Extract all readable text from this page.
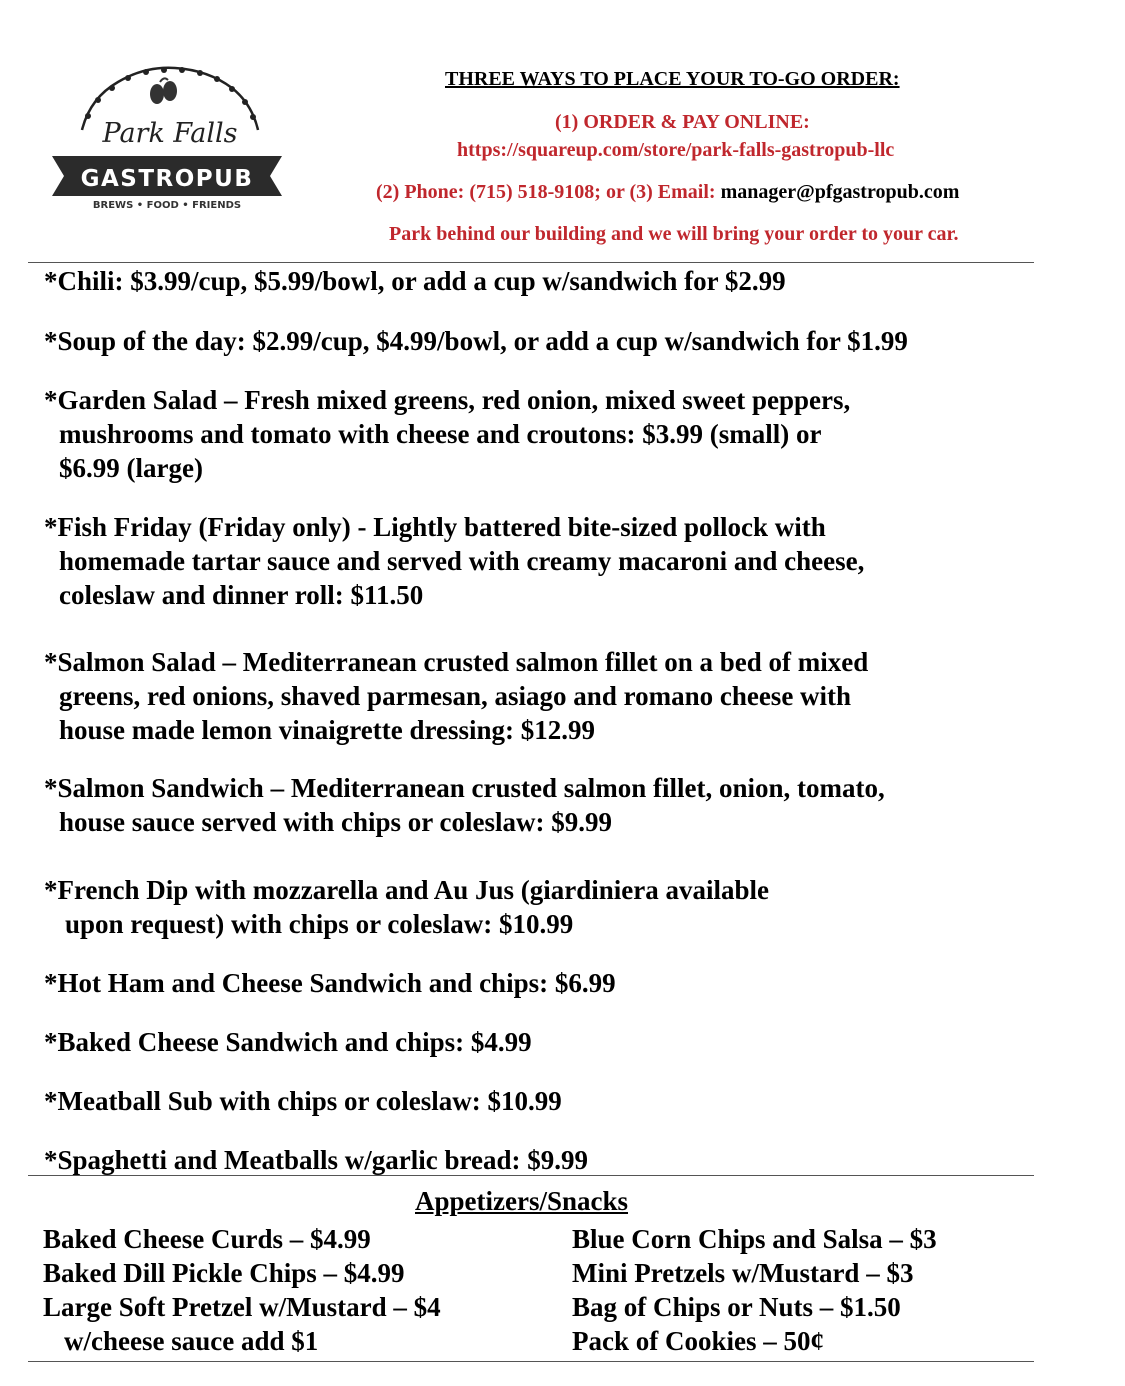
Park Falls
GASTROPUB
BREWS • FOOD • FRIENDS
THREE WAYS TO PLACE YOUR TO-GO ORDER:
(1) ORDER & PAY ONLINE:
https://squareup.com/store/park-falls-gastropub-llc
(2) Phone: (715) 518-9108; or (3) Email: manager@pfgastropub.com
Park behind our building and we will bring your order to your car.
*Chili: $3.99/cup, $5.99/bowl, or add a cup w/sandwich for $2.99
*Soup of the day: $2.99/cup, $4.99/bowl, or add a cup w/sandwich for $1.99
*Garden Salad – Fresh mixed greens, red onion, mixed sweet peppers,
mushrooms and tomato with cheese and croutons: $3.99 (small) or
$6.99 (large)
*Fish Friday (Friday only) - Lightly battered bite-sized pollock with
homemade tartar sauce and served with creamy macaroni and cheese,
coleslaw and dinner roll: $11.50
*Salmon Salad – Mediterranean crusted salmon fillet on a bed of mixed
greens, red onions, shaved parmesan, asiago and romano cheese with
house made lemon vinaigrette dressing: $12.99
*Salmon Sandwich – Mediterranean crusted salmon fillet, onion, tomato,
house sauce served with chips or coleslaw: $9.99
*French Dip with mozzarella and Au Jus (giardiniera available
upon request) with chips or coleslaw: $10.99
*Hot Ham and Cheese Sandwich and chips: $6.99
*Baked Cheese Sandwich and chips: $4.99
*Meatball Sub with chips or coleslaw: $10.99
*Spaghetti and Meatballs w/garlic bread: $9.99
Appetizers/Snacks
Baked Cheese Curds – $4.99
Baked Dill Pickle Chips – $4.99
Large Soft Pretzel w/Mustard – $4
w/cheese sauce add $1
Blue Corn Chips and Salsa – $3
Mini Pretzels w/Mustard – $3
Bag of Chips or Nuts – $1.50
Pack of Cookies – 50¢
